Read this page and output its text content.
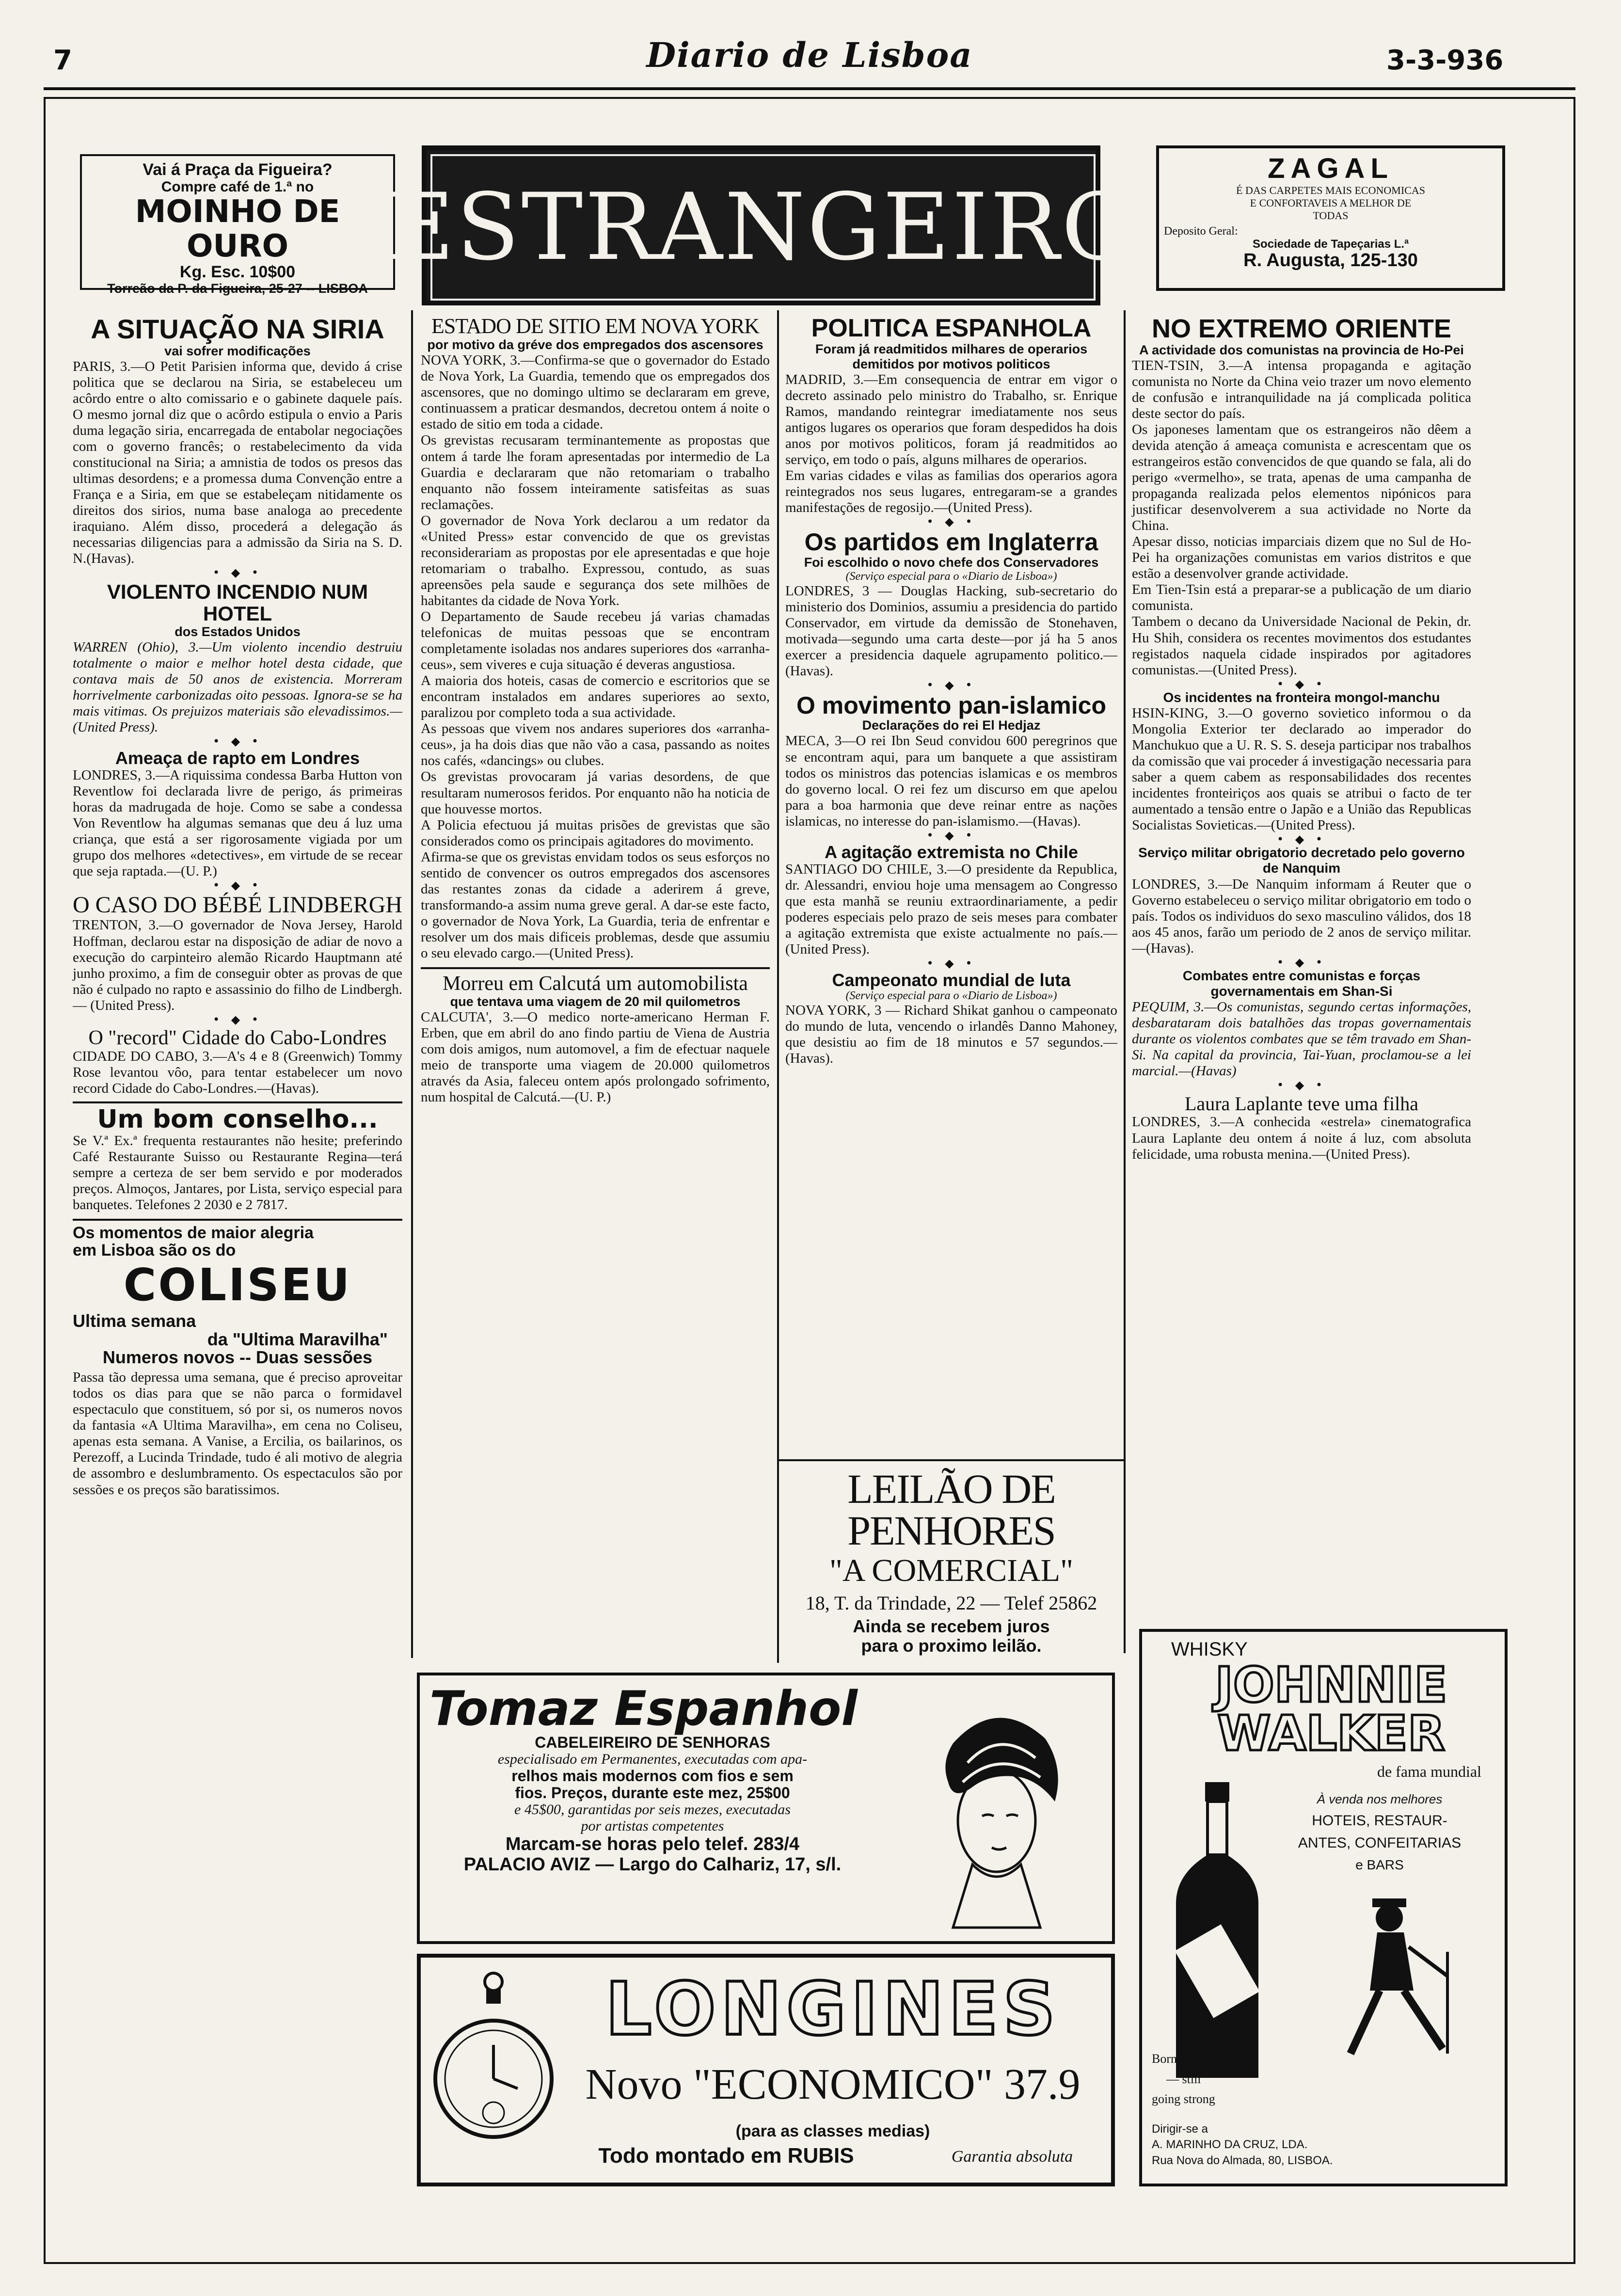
7	Diario de Lisboa	3-3-936
Vai á Praça da Figueira?
Compre café de 1.ª no
MOINHO DE OURO
Kg. Esc. 10$00
Torreão da P. da Figueira, 25-27 -- LISBOA
ESTRANGEIRO
ZAGAL
É DAS CARPETES MAIS ECONOMICAS
E CONFORTAVEIS A MELHOR DE
TODAS
Deposito Geral:
Sociedade de Tapeçarias L.ª
R. Augusta, 125-130
A SITUAÇÃO NA SIRIA
vai sofrer modificações

PARIS, 3.—O Petit Parisien informa que, devido á crise politica que se declarou na Siria, se estabeleceu um acôrdo entre o alto comissario e o gabinete daquele país. O mesmo jornal diz que o acôrdo estipula o envio a Paris duma legação siria, encarregada de entabolar negociações com o governo francês; o restabelecimento da vida constitucional na Siria; a amnistia de todos os presos das ultimas desordens; e a promessa duma Convenção entre a França e a Siria, em que se estabeleçam nitidamente os direitos dos sirios, numa base analoga ao precedente iraquiano. Além disso, procederá a delegação ás necessarias diligencias para a admissão da Siria na S. D. N.(Havas).

• ◆ •
VIOLENTO INCENDIO NUM HOTEL
dos Estados Unidos

WARREN (Ohio), 3.—Um violento incendio destruiu totalmente o maior e melhor hotel desta cidade, que contava mais de 50 anos de existencia. Morreram horrivelmente carbonizadas oito pessoas. Ignora-se se ha mais vitimas. Os prejuizos materiais são elevadissimos.—(United Press).

• ◆ •
Ameaça de rapto em Londres

LONDRES, 3.—A riquissima condessa Barba Hutton von Reventlow foi declarada livre de perigo, ás primeiras horas da madrugada de hoje. Como se sabe a condessa Von Reventlow ha algumas semanas que deu á luz uma criança, que está a ser rigorosamente vigiada por um grupo dos melhores «detectives», em virtude de se recear que seja raptada.—(U. P.)

• ◆ •
O CASO DO BÉBÉ LINDBERGH

TRENTON, 3.—O governador de Nova Jersey, Harold Hoffman, declarou estar na disposição de adiar de novo a execução do carpinteiro alemão Ricardo Hauptmann até junho proximo, a fim de conseguir obter as provas de que não é culpado no rapto e assassinio do filho de Lindbergh. — (United Press).

• ◆ •
O "record" Cidade do Cabo-Londres

CIDADE DO CABO, 3.—A's 4 e 8 (Greenwich) Tommy Rose levantou vôo, para tentar estabelecer um novo record Cidade do Cabo-Londres.—(Havas).

Um bom conselho...

Se V.ª Ex.ª frequenta restaurantes não hesite; preferindo Café Restaurante Suisso ou Restaurante Regina—terá sempre a certeza de ser bem servido e por moderados preços. Almoços, Jantares, por Lista, serviço especial para banquetes. Telefones 2 2030 e 2 7817.

Os momentos de maior alegria
em Lisboa são os do
COLISEU
Ultima semana
da "Ultima Maravilha"
Numeros novos -- Duas sessões

Passa tão depressa uma semana, que é preciso aproveitar todos os dias para que se não parca o formidavel espectaculo que constituem, só por si, os numeros novos da fantasia «A Ultima Maravilha», em cena no Coliseu, apenas esta semana. A Vanise, a Ercilia, os bailarinos, os Perezoff, a Lucinda Trindade, tudo é ali motivo de alegria de assombro e deslumbramento. Os espectaculos são por sessões e os preços são baratissimos.

ESTADO DE SITIO EM NOVA YORK
por motivo da gréve dos empregados dos ascensores

NOVA YORK, 3.—Confirma-se que o governador do Estado de Nova York, La Guardia, temendo que os empregados dos ascensores, que no domingo ultimo se declararam em greve, continuassem a praticar desmandos, decretou ontem á noite o estado de sitio em toda a cidade.

Os grevistas recusaram terminantemente as propostas que ontem á tarde lhe foram apresentadas por intermedio de La Guardia e declararam que não retomariam o trabalho enquanto não fossem inteiramente satisfeitas as suas reclamações.

O governador de Nova York declarou a um redator da «United Press» estar convencido de que os grevistas reconsiderariam as propostas por ele apresentadas e que hoje retomariam o trabalho. Expressou, contudo, as suas apreensões pela saude e segurança dos sete milhões de habitantes da cidade de Nova York.

O Departamento de Saude recebeu já varias chamadas telefonicas de muitas pessoas que se encontram completamente isoladas nos andares superiores dos «arranha-ceus», sem viveres e cuja situação é deveras angustiosa.

A maioria dos hoteis, casas de comercio e escritorios que se encontram instalados em andares superiores ao sexto, paralizou por completo toda a sua actividade.

As pessoas que vivem nos andares superiores dos «arranha-ceus», ja ha dois dias que não vão a casa, passando as noites nos cafés, «dancings» ou clubes.

Os grevistas provocaram já varias desordens, de que resultaram numerosos feridos. Por enquanto não ha noticia de que houvesse mortos.

A Policia efectuou já muitas prisões de grevistas que são considerados como os principais agitadores do movimento.

Afirma-se que os grevistas envidam todos os seus esforços no sentido de convencer os outros empregados dos ascensores das restantes zonas da cidade a aderirem á greve, transformando-a assim numa greve geral. A dar-se este facto, o governador de Nova York, La Guardia, teria de enfrentar e resolver um dos mais dificeis problemas, desde que assumiu o seu elevado cargo.—(United Press).

Morreu em Calcutá um automobilista
que tentava uma viagem de 20 mil quilometros

CALCUTA', 3.—O medico norte-americano Herman F. Erben, que em abril do ano findo partiu de Viena de Austria com dois amigos, num automovel, a fim de efectuar naquele meio de transporte uma viagem de 20.000 quilometros através da Asia, faleceu ontem após prolongado sofrimento, num hospital de Calcutá.—(U. P.)

POLITICA ESPANHOLA
Foram já readmitidos milhares de operarios demitidos por motivos politicos

MADRID, 3.—Em consequencia de entrar em vigor o decreto assinado pelo ministro do Trabalho, sr. Enrique Ramos, mandando reintegrar imediatamente nos seus antigos lugares os operarios que foram despedidos ha dois anos por motivos politicos, foram já readmitidos ao serviço, em todo o país, alguns milhares de operarios.

Em varias cidades e vilas as familias dos operarios agora reintegrados nos seus lugares, entregaram-se a grandes manifestações de regosijo.—(United Press).

• ◆ •
Os partidos em Inglaterra
Foi escolhido o novo chefe dos Conservadores
(Serviço especial para o «Diario de Lisboa»)

LONDRES, 3 — Douglas Hacking, sub-secretario do ministerio dos Dominios, assumiu a presidencia do partido Conservador, em virtude da demissão de Stonehaven, motivada—segundo uma carta deste—por já ha 5 anos exercer a presidencia daquele agrupamento politico.—(Havas).

• ◆ •
O movimento pan-islamico
Declarações do rei El Hedjaz

MECA, 3—O rei Ibn Seud convidou 600 peregrinos que se encontram aqui, para um banquete a que assistiram todos os ministros das potencias islamicas e os membros do governo local. O rei fez um discurso em que apelou para a boa harmonia que deve reinar entre as nações islamicas, no interesse do pan-islamismo.—(Havas).

• ◆ •
A agitação extremista no Chile

SANTIAGO DO CHILE, 3.—O presidente da Republica, dr. Alessandri, enviou hoje uma mensagem ao Congresso que esta manhã se reuniu extraordinariamente, a pedir poderes especiais pelo prazo de seis meses para combater a agitação extremista que existe actualmente no país.—(United Press).

• ◆ •
Campeonato mundial de luta
(Serviço especial para o «Diario de Lisboa»)

NOVA YORK, 3 — Richard Shikat ganhou o campeonato do mundo de luta, vencendo o irlandês Danno Mahoney, que desistiu ao fim de 18 minutos e 57 segundos.—(Havas).

LEILÃO DE PENHORES
"A COMERCIAL"
18, T. da Trindade, 22 — Telef 25862
Ainda se recebem juros
para o proximo leilão.
NO EXTREMO ORIENTE
A actividade dos comunistas na provincia de Ho-Pei

TIEN-TSIN, 3.—A intensa propaganda e agitação comunista no Norte da China veio trazer um novo elemento de confusão e intranquilidade na já complicada politica deste sector do país.

Os japoneses lamentam que os estrangeiros não dêem a devida atenção á ameaça comunista e acrescentam que os estrangeiros estão convencidos de que quando se fala, ali do perigo «vermelho», se trata, apenas de uma campanha de propaganda realizada pelos elementos nipónicos para justificar desenvolverem a sua actividade no Norte da China.

Apesar disso, noticias imparciais dizem que no Sul de Ho-Pei ha organizações comunistas em varios distritos e que estão a desenvolver grande actividade.

Em Tien-Tsin está a preparar-se a publicação de um diario comunista.

Tambem o decano da Universidade Nacional de Pekin, dr. Hu Shih, considera os recentes movimentos dos estudantes registados naquela cidade inspirados por agitadores comunistas.—(United Press).

• ◆ •
Os incidentes na fronteira mongol-manchu

HSIN-KING, 3.—O governo sovietico informou o da Mongolia Exterior ter declarado ao imperador do Manchukuo que a U. R. S. S. deseja participar nos trabalhos da comissão que vai proceder á investigação necessaria para saber a quem cabem as responsabilidades dos recentes incidentes fronteiriços aos quais se atribui o facto de ter aumentado a tensão entre o Japão e a União das Republicas Socialistas Sovieticas.—(United Press).

• ◆ •
Serviço militar obrigatorio decretado pelo governo de Nanquim

LONDRES, 3.—De Nanquim informam á Reuter que o Governo estabeleceu o serviço militar obrigatorio em todo o país. Todos os individuos do sexo masculino válidos, dos 18 aos 45 anos, farão um periodo de 2 anos de serviço militar.—(Havas).

• ◆ •
Combates entre comunistas e forças governamentais em Shan-Si

PEQUIM, 3.—Os comunistas, segundo certas informações, desbarataram dois batalhões das tropas governamentais durante os violentos combates que se têm travado em Shan-Si. Na capital da provincia, Tai-Yuan, proclamou-se a lei marcial.—(Havas)

• ◆ •
Laura Laplante teve uma filha

LONDRES, 3.—A conhecida «estrela» cinematografica Laura Laplante deu ontem á noite á luz, com absoluta felicidade, uma robusta menina.—(United Press).

Tomaz Espanhol
CABELEIREIRO DE SENHORAS
especialisado em Permanentes, executadas com apa-
relhos mais modernos com fios e sem
fios. Preços, durante este mez, 25$00
e 45$00, garantidas por seis mezes, executadas
por artistas competentes
Marcam-se horas pelo telef. 283/4
PALACIO AVIZ — Largo do Calhariz, 17, s/l.
LONGINES
Novo "ECONOMICO" 37.9
(para as classes medias)
Todo montado em RUBIS	Garantia absoluta
WHISKY
JOHNNIE
WALKER
de fama mundial
À venda nos melhores
HOTEIS, RESTAUR-
ANTES, CONFEITARIAS
e BARS
Born 1820
— still
going strong
Dirigir-se a
A. MARINHO DA CRUZ, LDA.
Rua Nova do Almada, 80, LISBOA.
